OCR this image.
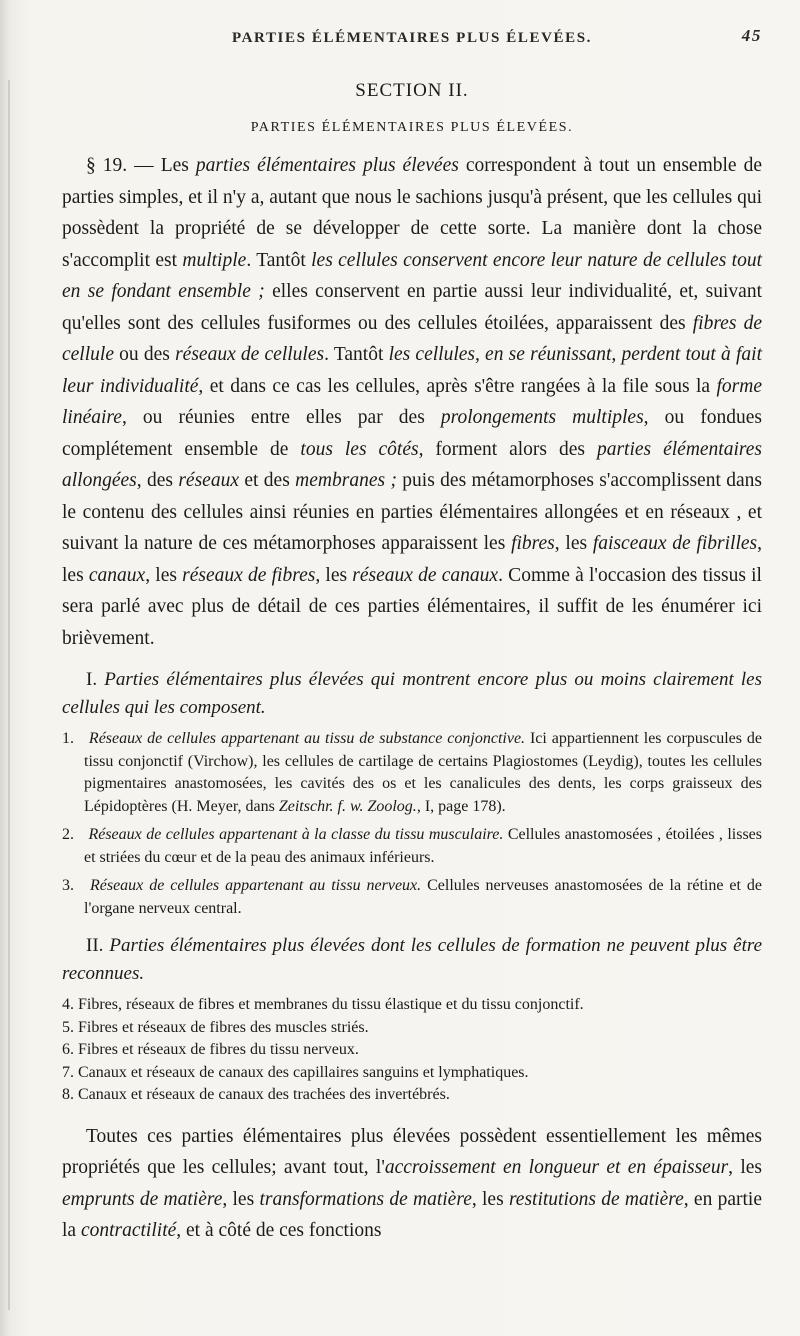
PARTIES ÉLÉMENTAIRES PLUS ÉLEVÉES.	45
SECTION II.
PARTIES ÉLÉMENTAIRES PLUS ÉLEVÉES.

§ 19. — Les parties élémentaires plus élevées correspondent à tout un ensemble de parties simples, et il n'y a, autant que nous le sachions jusqu'à présent, que les cellules qui possèdent la propriété de se développer de cette sorte. La manière dont la chose s'accomplit est multiple. Tantôt les cellules conservent encore leur nature de cellules tout en se fondant ensemble ; elles conservent en partie aussi leur individualité, et, suivant qu'elles sont des cellules fusiformes ou des cellules étoilées, apparaissent des fibres de cellule ou des réseaux de cellules. Tantôt les cellules, en se réunissant, perdent tout à fait leur individualité, et dans ce cas les cellules, après s'être rangées à la file sous la forme linéaire, ou réunies entre elles par des prolongements multiples, ou fondues complétement ensemble de tous les côtés, forment alors des parties élémentaires allongées, des réseaux et des membranes ; puis des métamorphoses s'accomplissent dans le contenu des cellules ainsi réunies en parties élémentaires allongées et en réseaux , et suivant la nature de ces métamorphoses apparaissent les fibres, les faisceaux de fibrilles, les canaux, les réseaux de fibres, les réseaux de canaux. Comme à l'occasion des tissus il sera parlé avec plus de détail de ces parties élémentaires, il suffit de les énumérer ici brièvement.

I. Parties élémentaires plus élevées qui montrent encore plus ou moins clairement les cellules qui les composent.
1. Réseaux de cellules appartenant au tissu de substance conjonctive. Ici appartiennent les corpuscules de tissu conjonctif (Virchow), les cellules de cartilage de certains Plagiostomes (Leydig), toutes les cellules pigmentaires anastomosées, les cavités des os et les canalicules des dents, les corps graisseux des Lépidoptères (H. Meyer, dans Zeitschr. f. w. Zoolog., I, page 178).
2. Réseaux de cellules appartenant à la classe du tissu musculaire. Cellules anastomosées , étoilées , lisses et striées du cœur et de la peau des animaux inférieurs.
3. Réseaux de cellules appartenant au tissu nerveux. Cellules nerveuses anastomosées de la rétine et de l'organe nerveux central.
II. Parties élémentaires plus élevées dont les cellules de formation ne peuvent plus être reconnues.
4. Fibres, réseaux de fibres et membranes du tissu élastique et du tissu conjonctif.
5. Fibres et réseaux de fibres des muscles striés.
6. Fibres et réseaux de fibres du tissu nerveux.
7. Canaux et réseaux de canaux des capillaires sanguins et lymphatiques.
8. Canaux et réseaux de canaux des trachées des invertébrés.

Toutes ces parties élémentaires plus élevées possèdent essentiellement les mêmes propriétés que les cellules; avant tout, l'accroissement en longueur et en épaisseur, les emprunts de matière, les transformations de matière, les restitutions de matière, en partie la contractilité, et à côté de ces fonctions
